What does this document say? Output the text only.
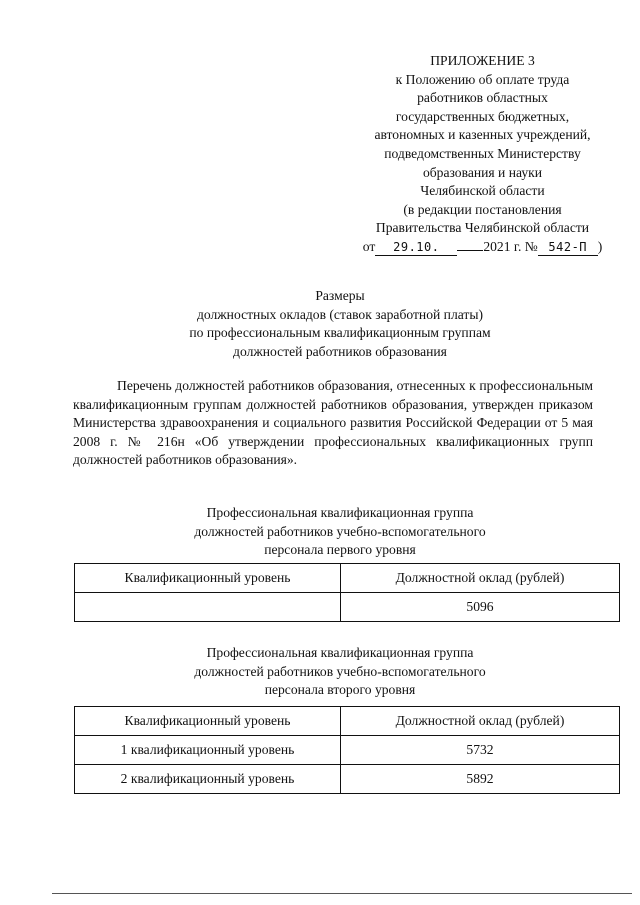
ПРИЛОЖЕНИЕ 3
к Положению об оплате труда
работников областных
государственных бюджетных,
автономных и казенных учреждений,
подведомственных Министерству
образования и науки
Челябинской области
(в редакции постановления
Правительства Челябинской области
от 29.10.	2021 г. № 542-П )
Размеры
должностных окладов (ставок заработной платы)
по профессиональным квалификационным группам
должностей работников образования

Перечень должностей работников образования, отнесенных к профессиональным квалификационным группам должностей работников образования, утвержден приказом Министерства здравоохранения и социального развития Российской Федерации от 5 мая 2008 г. № 216н «Об утверждении профессиональных квалификационных групп должностей работников образования».

Профессиональная квалификационная группа
должностей работников учебно-вспомогательного
персонала первого уровня
Квалификационный уровень	Должностной оклад (рублей)
	5096
Профессиональная квалификационная группа
должностей работников учебно-вспомогательного
персонала второго уровня
Квалификационный уровень	Должностной оклад (рублей)
1 квалификационный уровень	5732
2 квалификационный уровень	5892
